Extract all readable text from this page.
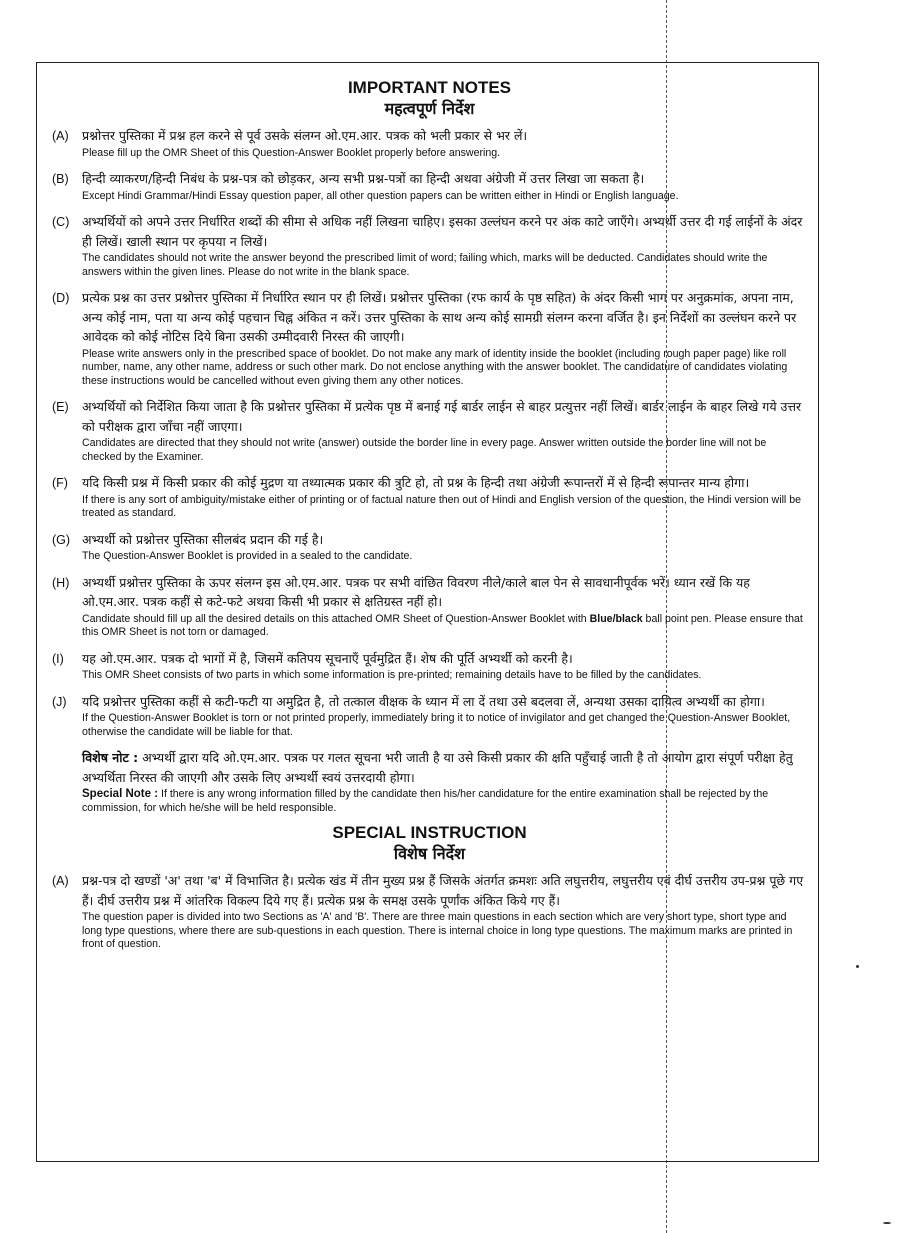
IMPORTANT NOTES

महत्वपूर्ण निर्देश

(A)	प्रश्नोत्तर पुस्तिका में प्रश्न हल करने से पूर्व उसके संलग्न ओ.एम.आर. पत्रक को भली प्रकार से भर लें।

Please fill up the OMR Sheet of this Question-Answer Booklet properly before answering.

(B)	हिन्दी व्याकरण/हिन्दी निबंध के प्रश्न-पत्र को छोड़कर, अन्य सभी प्रश्न-पत्रों का हिन्दी अथवा अंग्रेजी में उत्तर लिखा जा सकता है।

Except Hindi Grammar/Hindi Essay question paper, all other question papers can be written either in Hindi or English language.

(C)	अभ्यर्थियों को अपने उत्तर निर्धारित शब्दों की सीमा से अधिक नहीं लिखना चाहिए। इसका उल्लंघन करने पर अंक काटे जाएँगे। अभ्यर्थी उत्तर दी गई लाईनों के अंदर ही लिखें। खाली स्थान पर कृपया न लिखें।

The candidates should not write the answer beyond the prescribed limit of word; failing which, marks will be deducted. Candidates should write the answers within the given lines. Please do not write in the blank space.

(D)	प्रत्येक प्रश्न का उत्तर प्रश्नोत्तर पुस्तिका में निर्धारित स्थान पर ही लिखें। प्रश्नोत्तर पुस्तिका (रफ कार्य के पृष्ठ सहित) के अंदर किसी भाग पर अनुक्रमांक, अपना नाम, अन्य कोई नाम, पता या अन्य कोई पहचान चिह्न अंकित न करें। उत्तर पुस्तिका के साथ अन्य कोई सामग्री संलग्न करना वर्जित है। इन निर्देशों का उल्लंघन करने पर आवेदक को कोई नोटिस दिये बिना उसकी उम्मीदवारी निरस्त की जाएगी।

Please write answers only in the prescribed space of booklet. Do not make any mark of identity inside the booklet (including rough paper page) like roll number, name, any other name, address or such other mark. Do not enclose anything with the answer booklet. The candidature of candidates violating these instructions would be cancelled without even giving them any other notices.

(E)	अभ्यर्थियों को निर्देशित किया जाता है कि प्रश्नोत्तर पुस्तिका में प्रत्येक पृष्ठ में बनाई गई बार्डर लाईन से बाहर प्रत्युत्तर नहीं लिखें। बार्डर लाईन के बाहर लिखे गये उत्तर को परीक्षक द्वारा जाँचा नहीं जाएगा।

Candidates are directed that they should not write (answer) outside the border line in every page. Answer written outside the border line will not be checked by the Examiner.

(F)	यदि किसी प्रश्न में किसी प्रकार की कोई मुद्रण या तथ्यात्मक प्रकार की त्रुटि हो, तो प्रश्न के हिन्दी तथा अंग्रेजी रूपान्तरों में से हिन्दी रूपान्तर मान्य होगा।

If there is any sort of ambiguity/mistake either of printing or of factual nature then out of Hindi and English version of the question, the Hindi version will be treated as standard.

(G) अभ्यर्थी को प्रश्नोत्तर पुस्तिका सीलबंद प्रदान की गई है।

The Question-Answer Booklet is provided in a sealed to the candidate.

(H)	अभ्यर्थी प्रश्नोत्तर पुस्तिका के ऊपर संलग्न इस ओ.एम.आर. पत्रक पर सभी वांछित विवरण नीले/काले बाल पेन से सावधानीपूर्वक भरें। ध्यान रखें कि यह ओ.एम.आर. पत्रक कहीं से कटे-फटे अथवा किसी भी प्रकार से क्षतिग्रस्त नहीं हो।

Candidate should fill up all the desired details on this attached OMR Sheet of Question-Answer Booklet with Blue/black ball point pen. Please ensure that this OMR Sheet is not torn or damaged.

(I)	यह ओ.एम.आर. पत्रक दो भागों में है, जिसमें कतिपय सूचनाएँ पूर्वमुद्रित हैं। शेष की पूर्ति अभ्यर्थी को करनी है।

This OMR Sheet consists of two parts in which some information is pre-printed; remaining details have to be filled by the candidates.

(J)	यदि प्रश्नोत्तर पुस्तिका कहीं से कटी-फटी या अमुद्रित है, तो तत्काल वीक्षक के ध्यान में ला दें तथा उसे बदलवा लें, अन्यथा उसका दायित्व अभ्यर्थी का होगा।

If the Question-Answer Booklet is torn or not printed properly, immediately bring it to notice of invigilator and get changed the Question-Answer Booklet, otherwise the candidate will be liable for that.

विशेष नोट : अभ्यर्थी द्वारा यदि ओ.एम.आर. पत्रक पर गलत सूचना भरी जाती है या उसे किसी प्रकार की क्षति पहुँचाई जाती है तो आयोग द्वारा संपूर्ण परीक्षा हेतु अभ्यर्थिता निरस्त की जाएगी और उसके लिए अभ्यर्थी स्वयं उत्तरदायी होगा।

Special Note : If there is any wrong information filled by the candidate then his/her candidature for the entire examination shall be rejected by the commission, for which he/she will be held responsible.

SPECIAL INSTRUCTION

विशेष निर्देश

(A)	प्रश्न-पत्र दो खण्डों 'अ' तथा 'ब' में विभाजित है। प्रत्येक खंड में तीन मुख्य प्रश्न हैं जिसके अंतर्गत क्रमशः अति लघुत्तरीय, लघुत्तरीय एवं दीर्घ उत्तरीय उप-प्रश्न पूछे गए हैं। दीर्घ उत्तरीय प्रश्न में आंतरिक विकल्प दिये गए हैं। प्रत्येक प्रश्न के समक्ष उसके पूर्णांक अंकित किये गए हैं।

The question paper is divided into two Sections as 'A' and 'B'. There are three main questions in each section which are very short type, short type and long type questions, where there are sub-questions in each question. There is internal choice in long type questions. The maximum marks are printed in front of question.
